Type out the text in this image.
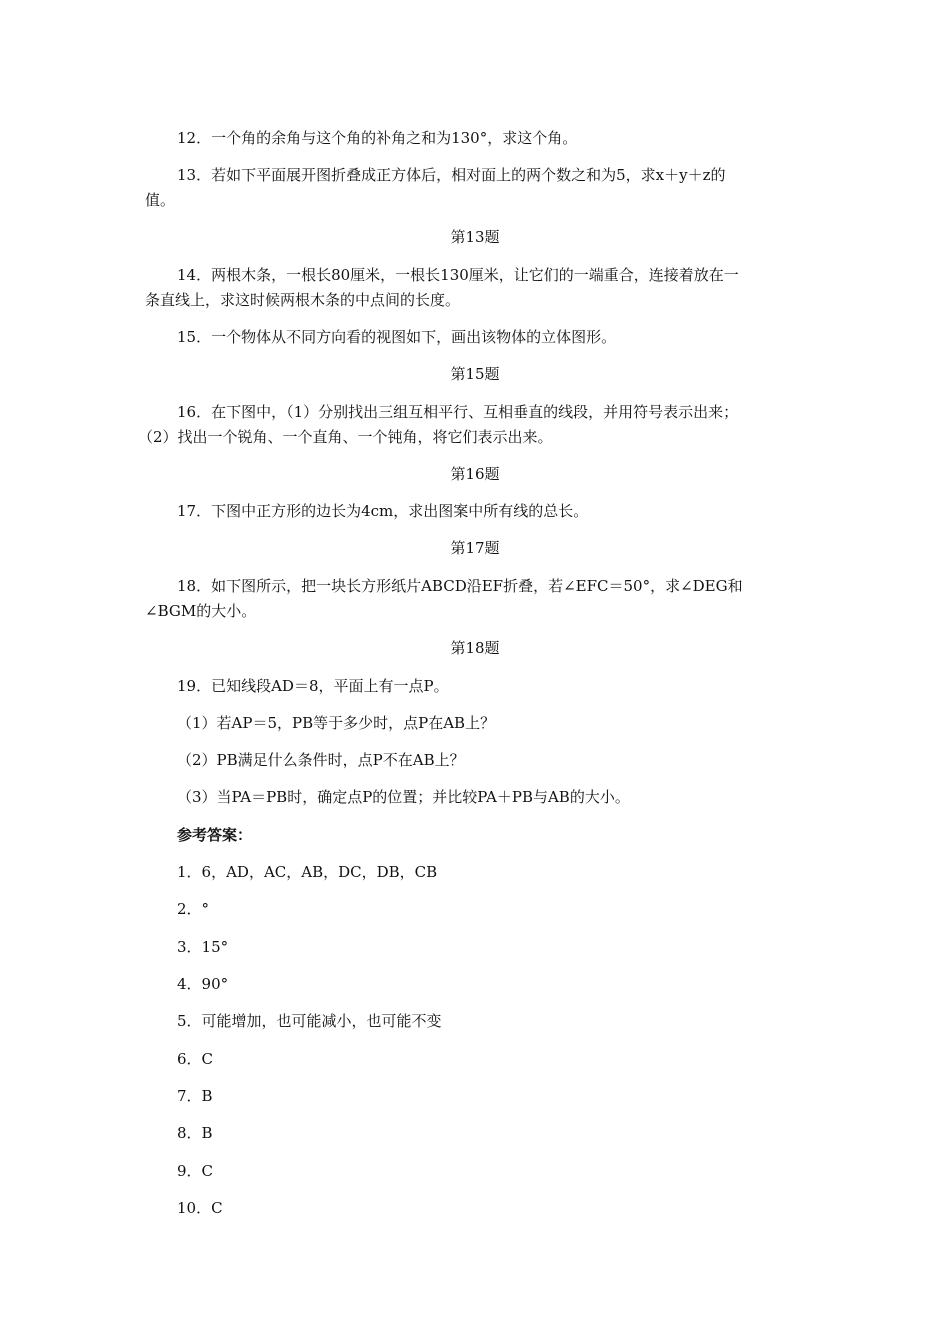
12．一个角的余角与这个角的补角之和为130°，求这个角。
13．若如下平面展开图折叠成正方体后，相对面上的两个数之和为5，求x＋y＋z的
值。
第13题
14．两根木条，一根长80厘米，一根长130厘米，让它们的一端重合，连接着放在一
条直线上，求这时候两根木条的中点间的长度。
15．一个物体从不同方向看的视图如下，画出该物体的立体图形。
第15题
16．在下图中，（1）分别找出三组互相平行、互相垂直的线段，并用符号表示出来；
（2）找出一个锐角、一个直角、一个钝角，将它们表示出来。
第16题
17．下图中正方形的边长为4cm，求出图案中所有线的总长。
第17题
18．如下图所示，把一块长方形纸片ABCD沿EF折叠，若∠EFC＝50°，求∠DEG和
∠BGM的大小。
第18题
19．已知线段AD＝8，平面上有一点P。
（1）若AP＝5，PB等于多少时，点P在AB上？
（2）PB满足什么条件时，点P不在AB上？
（3）当PA＝PB时，确定点P的位置；并比较PA＋PB与AB的大小。
参考答案：
1．6，AD，AC，AB，DC，DB，CB
2．°
3．15°
4．90°
5．可能增加，也可能减小，也可能不变
6．C
7．B
8．B
9．C
10．C
